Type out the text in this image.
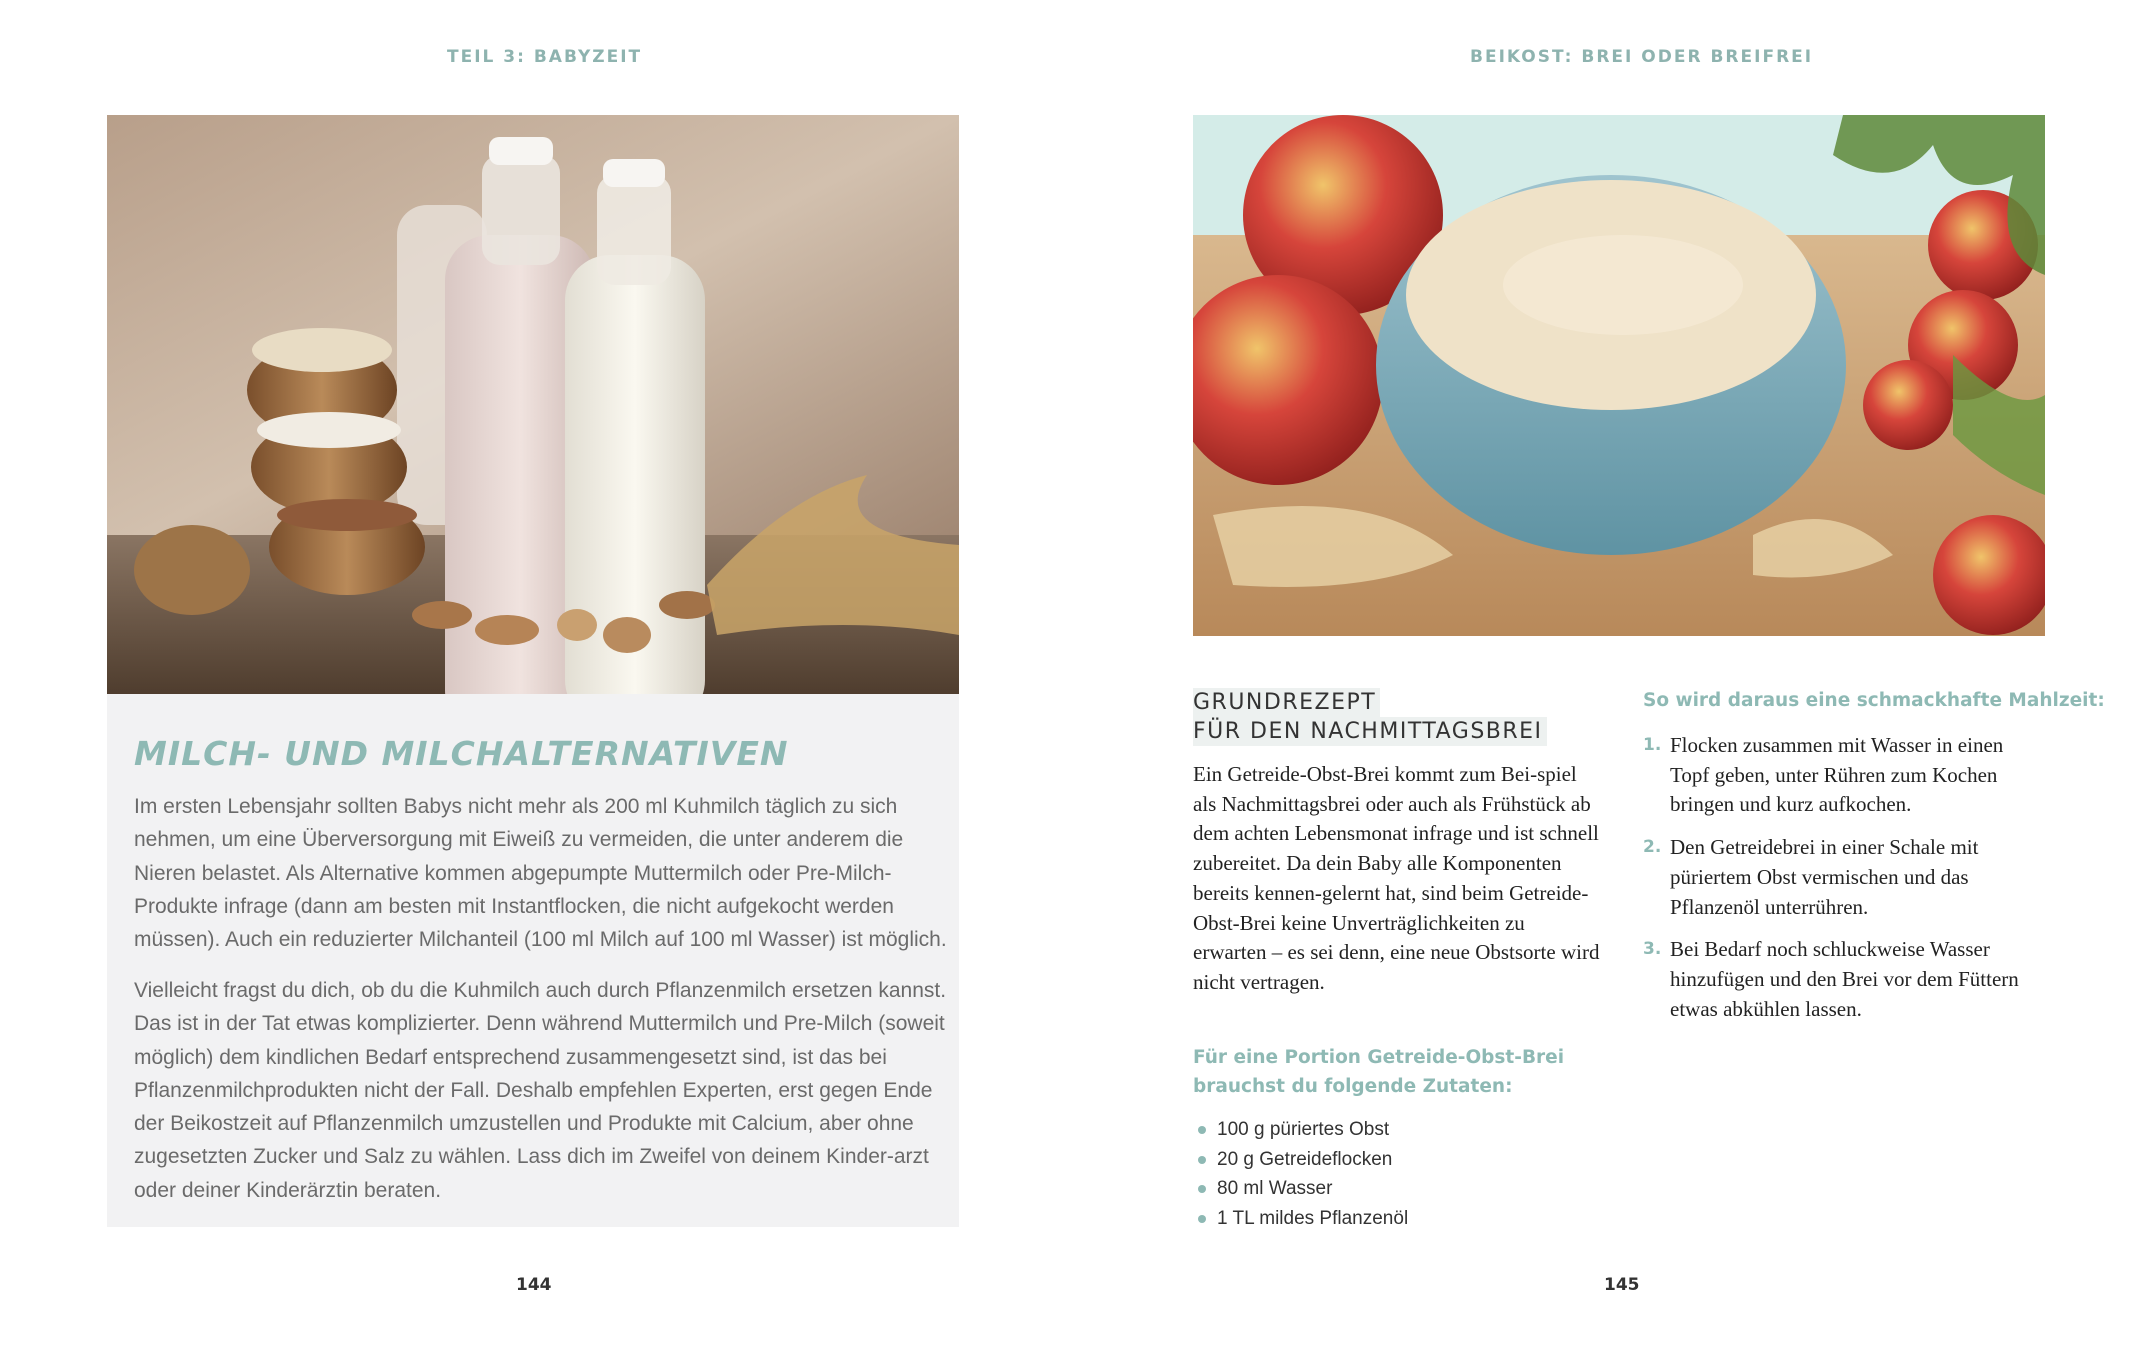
TEIL 3: BABYZEIT
MILCH- UND MILCHALTERNATIVEN

Im ersten Lebensjahr sollten Babys nicht mehr als 200 ml Kuhmilch täglich zu sich nehmen, um eine Überversorgung mit Eiweiß zu vermeiden, die unter anderem die Nieren belastet. Als Alternative kommen abgepumpte Muttermilch oder Pre-Milch-Produkte infrage (dann am besten mit Instantflocken, die nicht aufgekocht werden müssen). Auch ein reduzierter Milchanteil (100 ml Milch auf 100 ml Wasser) ist möglich.

Vielleicht fragst du dich, ob du die Kuhmilch auch durch Pflanzenmilch ersetzen kannst. Das ist in der Tat etwas komplizierter. Denn während Muttermilch und Pre-Milch (soweit möglich) dem kindlichen Bedarf entsprechend zusammengesetzt sind, ist das bei Pflanzenmilchprodukten nicht der Fall. Deshalb empfehlen Experten, erst gegen Ende der Beikostzeit auf Pflanzenmilch umzustellen und Produkte mit Calcium, aber ohne zugesetzten Zucker und Salz zu wählen. Lass dich im Zweifel von deinem Kinder-arzt oder deiner Kinderärztin beraten.

144
BEIKOST: BREI ODER BREIFREI
GRUNDREZEPT
FÜR DEN NACHMITTAGSBREI

Ein Getreide-Obst-Brei kommt zum Bei-spiel als Nachmittagsbrei oder auch als Frühstück ab dem achten Lebensmonat infrage und ist schnell zubereitet. Da dein Baby alle Komponenten bereits kennen-gelernt hat, sind beim Getreide-Obst-Brei keine Unverträglichkeiten zu erwarten – es sei denn, eine neue Obstsorte wird nicht vertragen.

Für eine Portion Getreide-Obst-Brei brauchst du folgende Zutaten:
100 g püriertes Obst
20 g Getreideflocken
80 ml Wasser
1 TL mildes Pflanzenöl
So wird daraus eine schmackhafte Mahlzeit:
1. Flocken zusammen mit Wasser in einen Topf geben, unter Rühren zum Kochen bringen und kurz aufkochen.
2. Den Getreidebrei in einer Schale mit püriertem Obst vermischen und das Pflanzenöl unterrühren.
3. Bei Bedarf noch schluckweise Wasser hinzufügen und den Brei vor dem Füttern etwas abkühlen lassen.
145
